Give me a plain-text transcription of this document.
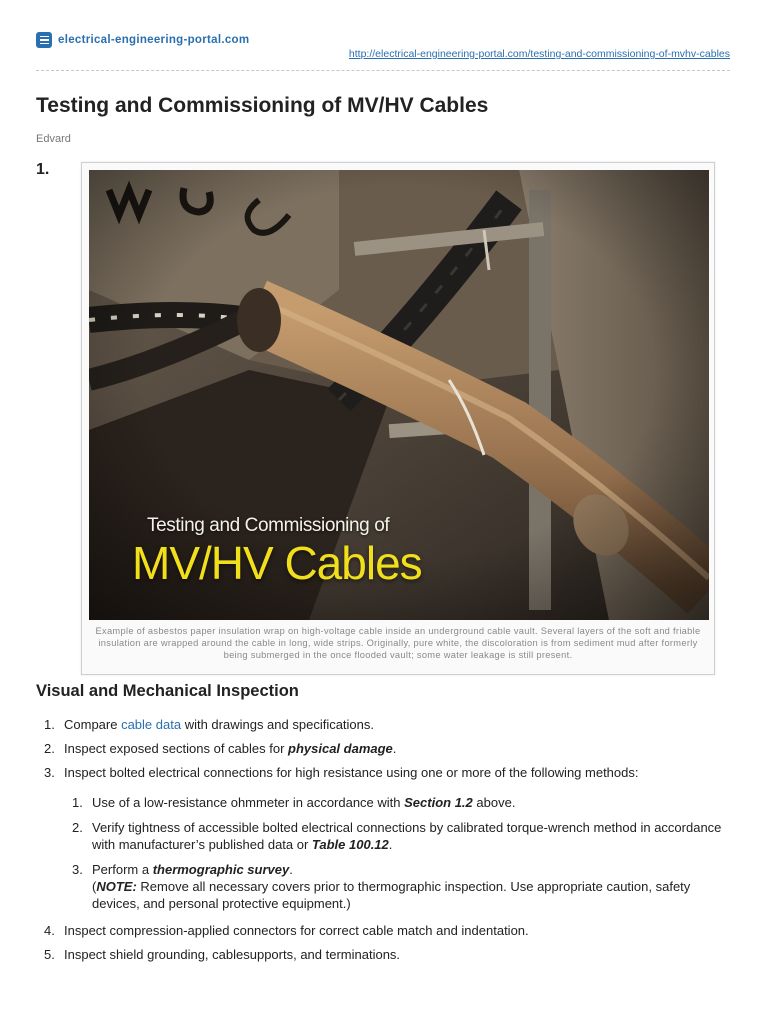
electrical-engineering-portal.com
http://electrical-engineering-portal.com/testing-and-commissioning-of-mvhv-cables
Testing and Commissioning of MV/HV Cables
Edvard
1.
Testing and Commissioning of
MV/HV Cables
Example of asbestos paper insulation wrap on high-voltage cable inside an underground cable vault. Several layers of the soft and friable insulation are wrapped around the cable in long, wide strips. Originally, pure white, the discoloration is from sediment mud after formerly being submerged in the once flooded vault; some water leakage is still present.
Visual and Mechanical Inspection
1. Compare cable data with drawings and specifications.
2. Inspect exposed sections of cables for physical damage.
3. Inspect bolted electrical connections for high resistance using one or more of the following methods:
1. Use of a low-resistance ohmmeter in accordance with Section 1.2 above.
2. Verify tightness of accessible bolted electrical connections by calibrated torque-wrench method in accordance with manufacturer’s published data or Table 100.12.
3. Perform a thermographic survey.
(NOTE: Remove all necessary covers prior to thermographic inspection. Use appropriate caution, safety devices, and personal protective equipment.)
4. Inspect compression-applied connectors for correct cable match and indentation.
5. Inspect shield grounding, cablesupports, and terminations.
